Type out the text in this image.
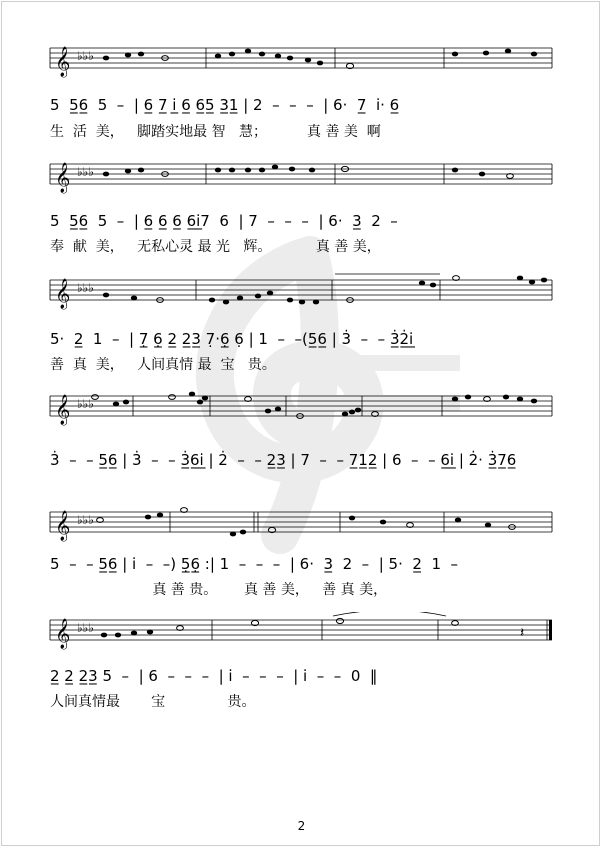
𝄞 ♭♭♭
𝄞 ♭♭♭
𝄞 ♭♭♭
𝄞 ♭♭♭
𝄞 ♭♭♭
𝄞 ♭♭♭	𝄽
5  5̲6̲  5  –  | 6̲ 7̲ i̲̇ 6̲ 6̲5̲ 3̲1̲ | 2  –  –  –  | 6·  7̲  i̇· 6̲
生  活  美，   脚踏实地最 智   慧；         真 善 美  啊
5  5̲6̲  5  –  | 6̲ 6̲ 6̲ 6̲i̲̇7  6  | 7  –  –  –  | 6·  3̲  2  –
奉  献  美，   无私心灵 最 光   辉。          真 善 美，
5·  2̲  1  –  | 7̣̲ 6̣̲ 2̲ 2̲3̲ 7̣·6̣̲ 6̣ | 1  –  –(5̲6̲ | 3̇  –  – 3̲̇2̲̇i̲̇
善  真  美，   人间真情 最  宝   贵。
3̇  –  – 5̲6̲ | 3̇  –  – 3̲̇6̲i̲̇ | 2̇  –  – 2̲3̲ | 7  –  – 7̲1̲2̲ | 6  –  – 6̲i̲̇ | 2̇· 3̲̇7̲6̲
5  –  – 5̲6̲ | i̇  –  –) 5̣̲6̣̲ :| 1  –  –  –  | 6·  3̲  2  –  | 5·  2̲  1  –
真 善 贵。      真 善 美，   善 真 美，
2̲ 2̲ 2̲3̲ 5  –  | 6  –  –  –  | i̇  –  –  –  | i̇  –  –  0  ‖
人间真情最       宝              贵。
2
